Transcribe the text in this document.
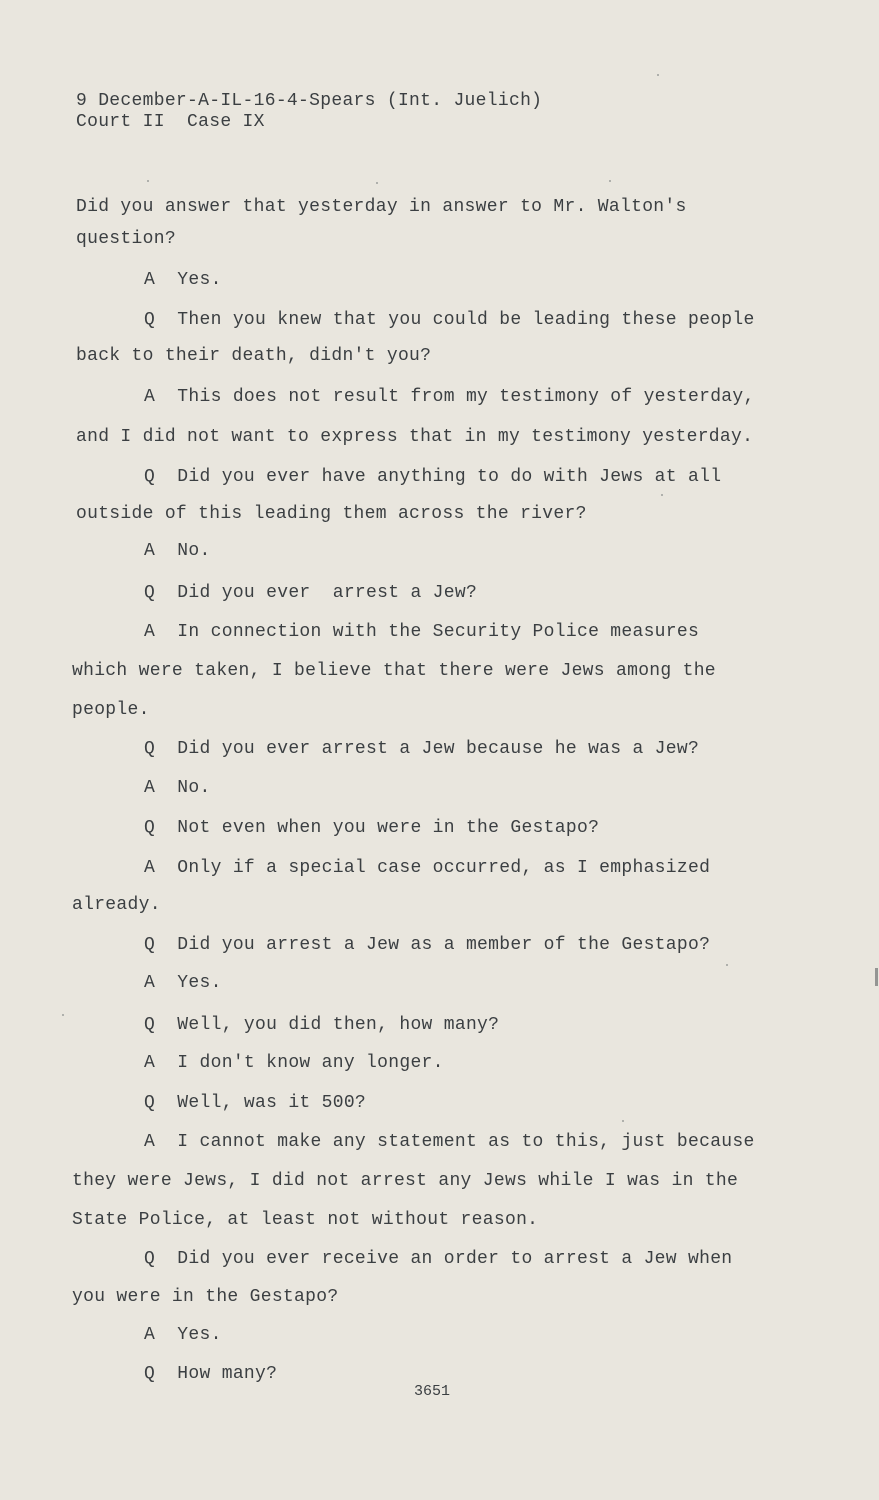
9 December-A-IL-16-4-Spears (Int. Juelich)
Court II  Case IX
Did you answer that yesterday in answer to Mr. Walton's
question?
A  Yes.
Q  Then you knew that you could be leading these people
back to their death, didn't you?
A  This does not result from my testimony of yesterday,
and I did not want to express that in my testimony yesterday.
Q  Did you ever have anything to do with Jews at all
outside of this leading them across the river?
A  No.
Q  Did you ever  arrest a Jew?
A  In connection with the Security Police measures
which were taken, I believe that there were Jews among the
people.
Q  Did you ever arrest a Jew because he was a Jew?
A  No.
Q  Not even when you were in the Gestapo?
A  Only if a special case occurred, as I emphasized
already.
Q  Did you arrest a Jew as a member of the Gestapo?
A  Yes.
Q  Well, you did then, how many?
A  I don't know any longer.
Q  Well, was it 500?
A  I cannot make any statement as to this, just because
they were Jews, I did not arrest any Jews while I was in the
State Police, at least not without reason.
Q  Did you ever receive an order to arrest a Jew when
you were in the Gestapo?
A  Yes.
Q  How many?
3651
